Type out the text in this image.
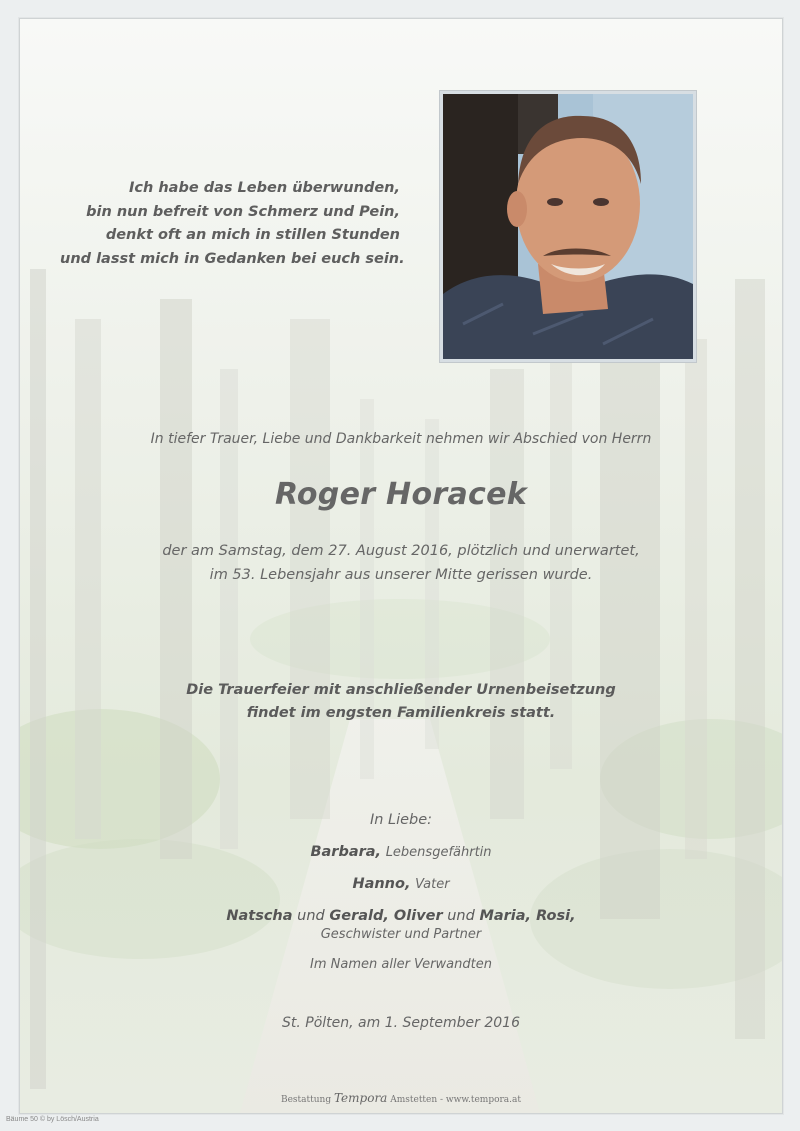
Ich habe das Leben überwunden,
bin nun befreit von Schmerz und Pein,
denkt oft an mich in stillen Stunden
und lasst mich in Gedanken bei euch sein.
In tiefer Trauer, Liebe und Dankbarkeit nehmen wir Abschied von Herrn
Roger Horacek
der am Samstag, dem 27. August 2016, plötzlich und unerwartet,
im 53. Lebensjahr aus unserer Mitte gerissen wurde.
Die Trauerfeier mit anschließender Urnenbeisetzung
findet im engsten Familienkreis statt.
In Liebe:
Barbara, Lebensgefährtin
Hanno, Vater
Natscha und Gerald, Oliver und Maria, Rosi,
Geschwister und Partner
Im Namen aller Verwandten
St. Pölten, am 1. September 2016
Bestattung Tempora Amstetten - www.tempora.at
Bäume 50 © by Lösch/Austria
